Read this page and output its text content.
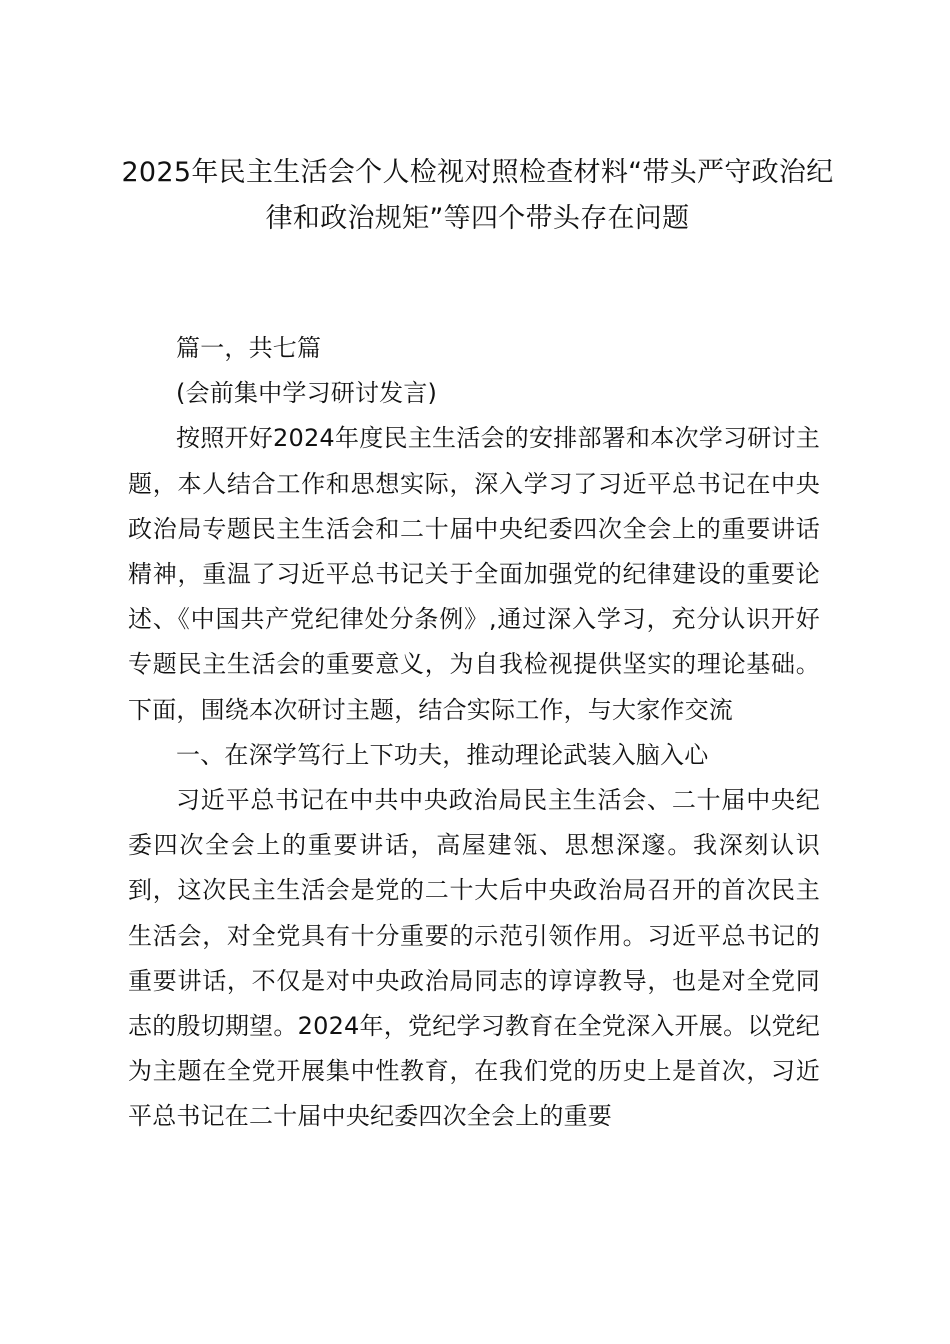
2025年民主生活会个人检视对照检查材料“带头严守政治纪律和政治规矩”等四个带头存在问题

篇一，共七篇

(会前集中学习研讨发言)

按照开好2024年度民主生活会的安排部署和本次学习研讨主题，本人结合工作和思想实际，深入学习了习近平总书记在中央政治局专题民主生活会和二十届中央纪委四次全会上的重要讲话精神，重温了习近平总书记关于全面加强党的纪律建设的重要论述、《中国共产党纪律处分条例》,通过深入学习，充分认识开好专题民主生活会的重要意义，为自我检视提供坚实的理论基础。下面，围绕本次研讨主题，结合实际工作，与大家作交流

一、在深学笃行上下功夫，推动理论武装入脑入心

习近平总书记在中共中央政治局民主生活会、二十届中央纪委四次全会上的重要讲话，高屋建瓴、思想深邃。我深刻认识到，这次民主生活会是党的二十大后中央政治局召开的首次民主生活会，对全党具有十分重要的示范引领作用。习近平总书记的重要讲话，不仅是对中央政治局同志的谆谆教导，也是对全党同志的殷切期望。2024年，党纪学习教育在全党深入开展。以党纪为主题在全党开展集中性教育，在我们党的历史上是首次，习近平总书记在二十届中央纪委四次全会上的重要
